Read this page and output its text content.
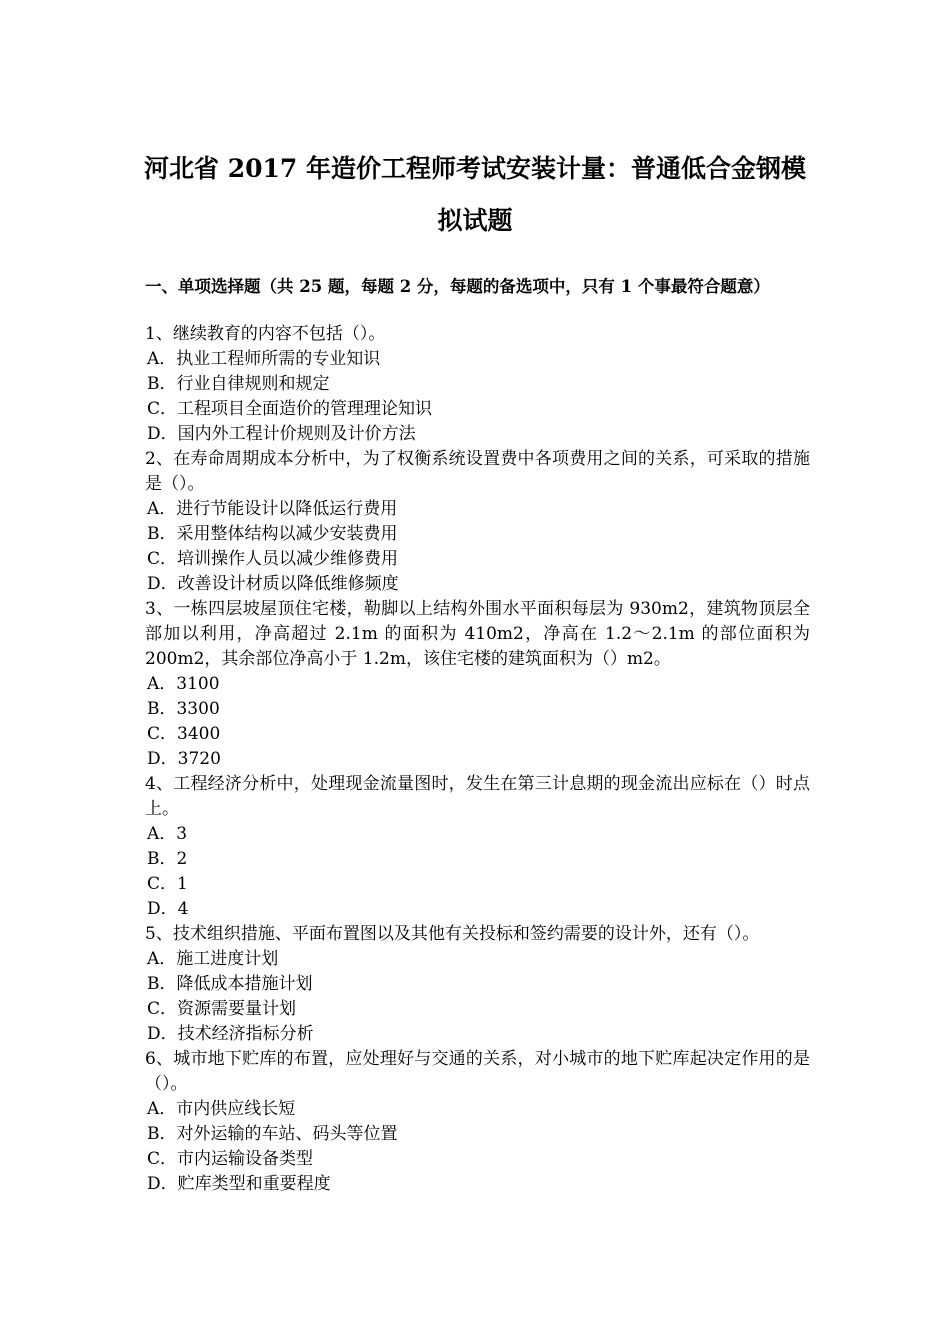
河北省 2017 年造价工程师考试安装计量：普通低合金钢模
拟试题
一、单项选择题（共 25 题，每题 2 分，每题的备选项中，只有 1 个事最符合题意）

1、继续教育的内容不包括（）。

A．执业工程师所需的专业知识

B．行业自律规则和规定

C．工程项目全面造价的管理理论知识

D．国内外工程计价规则及计价方法

2、在寿命周期成本分析中，为了权衡系统设置费中各项费用之间的关系，可采取的措施是（）。

A．进行节能设计以降低运行费用

B．采用整体结构以减少安装费用

C．培训操作人员以减少维修费用

D．改善设计材质以降低维修频度

3、一栋四层坡屋顶住宅楼，勒脚以上结构外围水平面积每层为 930m2，建筑物顶层全部加以利用，净高超过 2.1m 的面积为 410m2，净高在 1.2～2.1m 的部位面积为 200m2，其余部位净高小于 1.2m，该住宅楼的建筑面积为（）m2。

A．3100

B．3300

C．3400

D．3720

4、工程经济分析中，处理现金流量图时，发生在第三计息期的现金流出应标在（）时点上。

A．3

B．2

C．1

D．4

5、技术组织措施、平面布置图以及其他有关投标和签约需要的设计外，还有（）。

A．施工进度计划

B．降低成本措施计划

C．资源需要量计划

D．技术经济指标分析

6、城市地下贮库的布置，应处理好与交通的关系，对小城市的地下贮库起决定作用的是（）。

A．市内供应线长短

B．对外运输的车站、码头等位置

C．市内运输设备类型

D．贮库类型和重要程度
